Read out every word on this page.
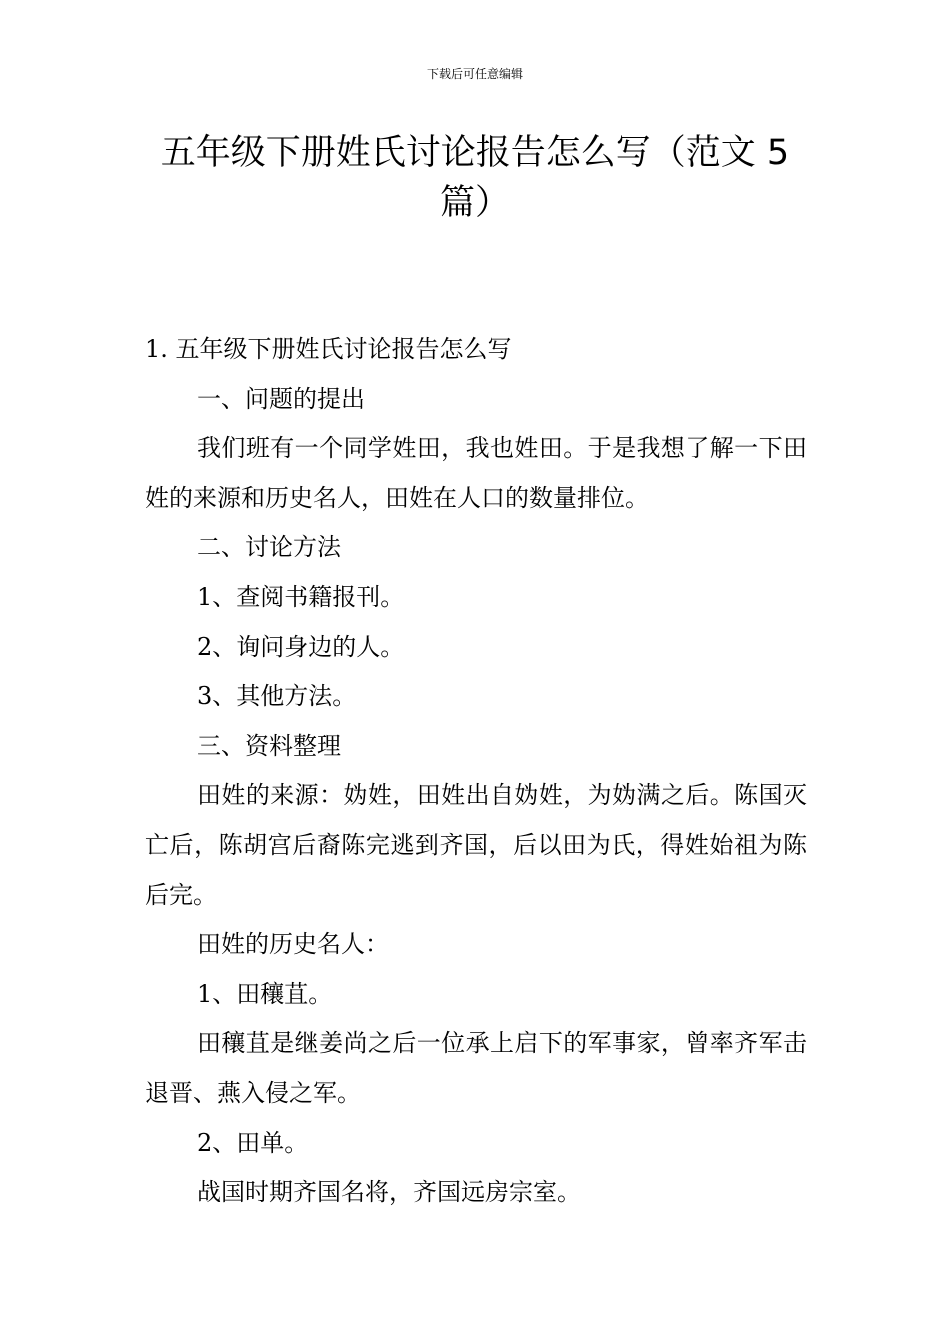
下载后可任意编辑
五年级下册姓氏讨论报告怎么写（范文 5 篇）

1. 五年级下册姓氏讨论报告怎么写

一、问题的提出

我们班有一个同学姓田，我也姓田。于是我想了解一下田姓的来源和历史名人，田姓在人口的数量排位。

二、讨论方法

1、查阅书籍报刊。

2、询问身边的人。

3、其他方法。

三、资料整理

田姓的来源：妫姓，田姓出自妫姓，为妫满之后。陈国灭亡后，陈胡宫后裔陈完逃到齐国，后以田为氏，得姓始祖为陈后完。

田姓的历史名人：

1、田穰苴。

田穰苴是继姜尚之后一位承上启下的军事家，曾率齐军击退晋、燕入侵之军。

2、田单。

战国时期齐国名将，齐国远房宗室。
